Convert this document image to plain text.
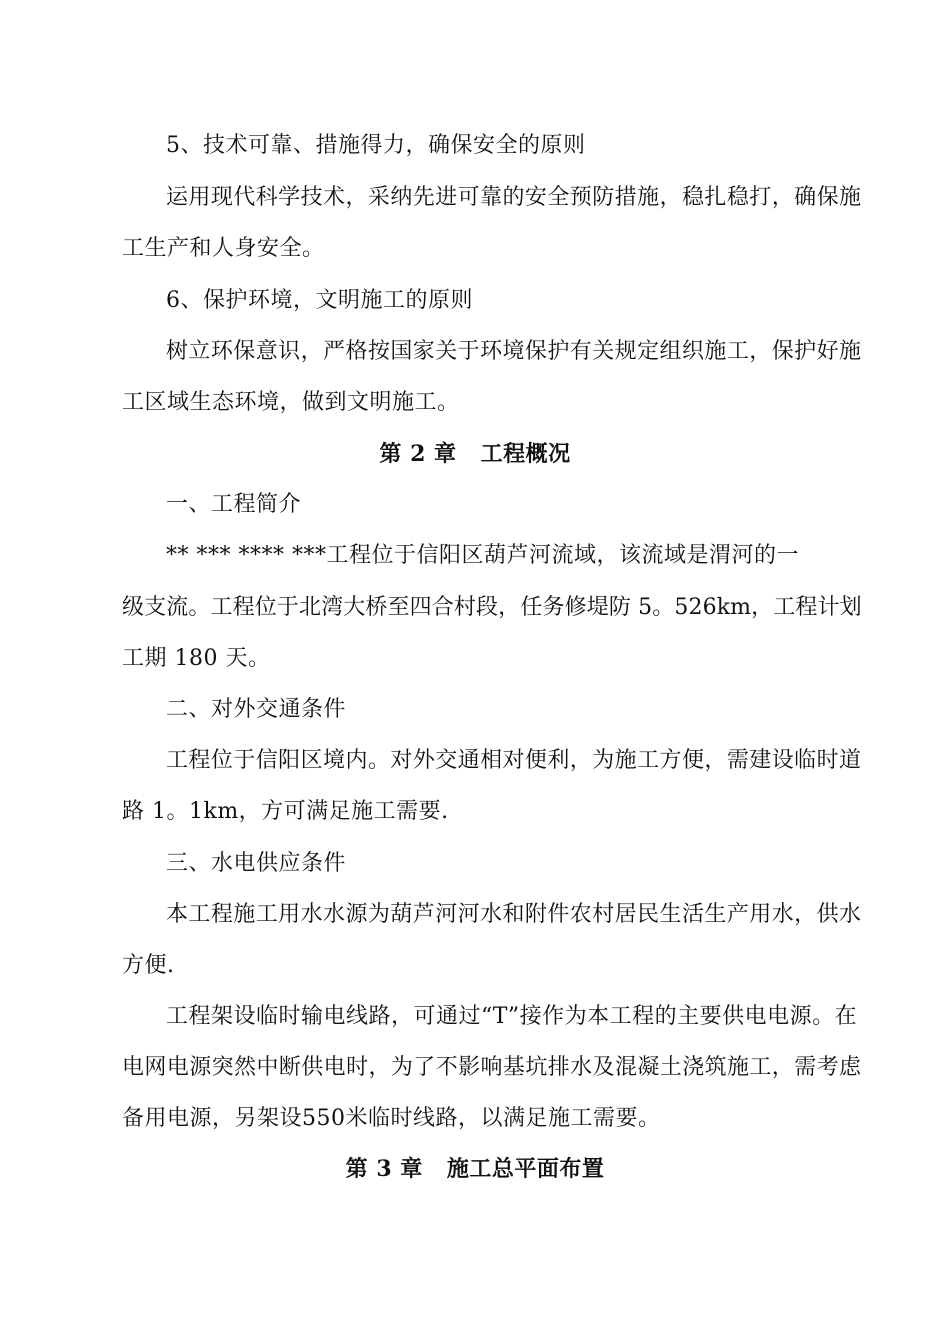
5、技术可靠、措施得力，确保安全的原则
运用现代科学技术，采纳先进可靠的安全预防措施，稳扎稳打，确保施
工生产和人身安全。
6、保护环境，文明施工的原则
树立环保意识，严格按国家关于环境保护有关规定组织施工，保护好施
工区域生态环境，做到文明施工。
第 2 章 工程概况
一、工程简介
** *** **** ***工程位于信阳区葫芦河流域，该流域是渭河的一
级支流。工程位于北湾大桥至四合村段，任务修堤防 5。526km，工程计划
工期 180 天。
二、对外交通条件
工程位于信阳区境内。对外交通相对便利，为施工方便，需建设临时道
路 1。1km，方可满足施工需要.
三、水电供应条件
本工程施工用水水源为葫芦河河水和附件农村居民生活生产用水，供水
方便.
工程架设临时输电线路，可通过“T”接作为本工程的主要供电电源。在
电网电源突然中断供电时，为了不影响基坑排水及混凝土浇筑施工，需考虑
备用电源，另架设550米临时线路，以满足施工需要。
第 3 章 施工总平面布置
